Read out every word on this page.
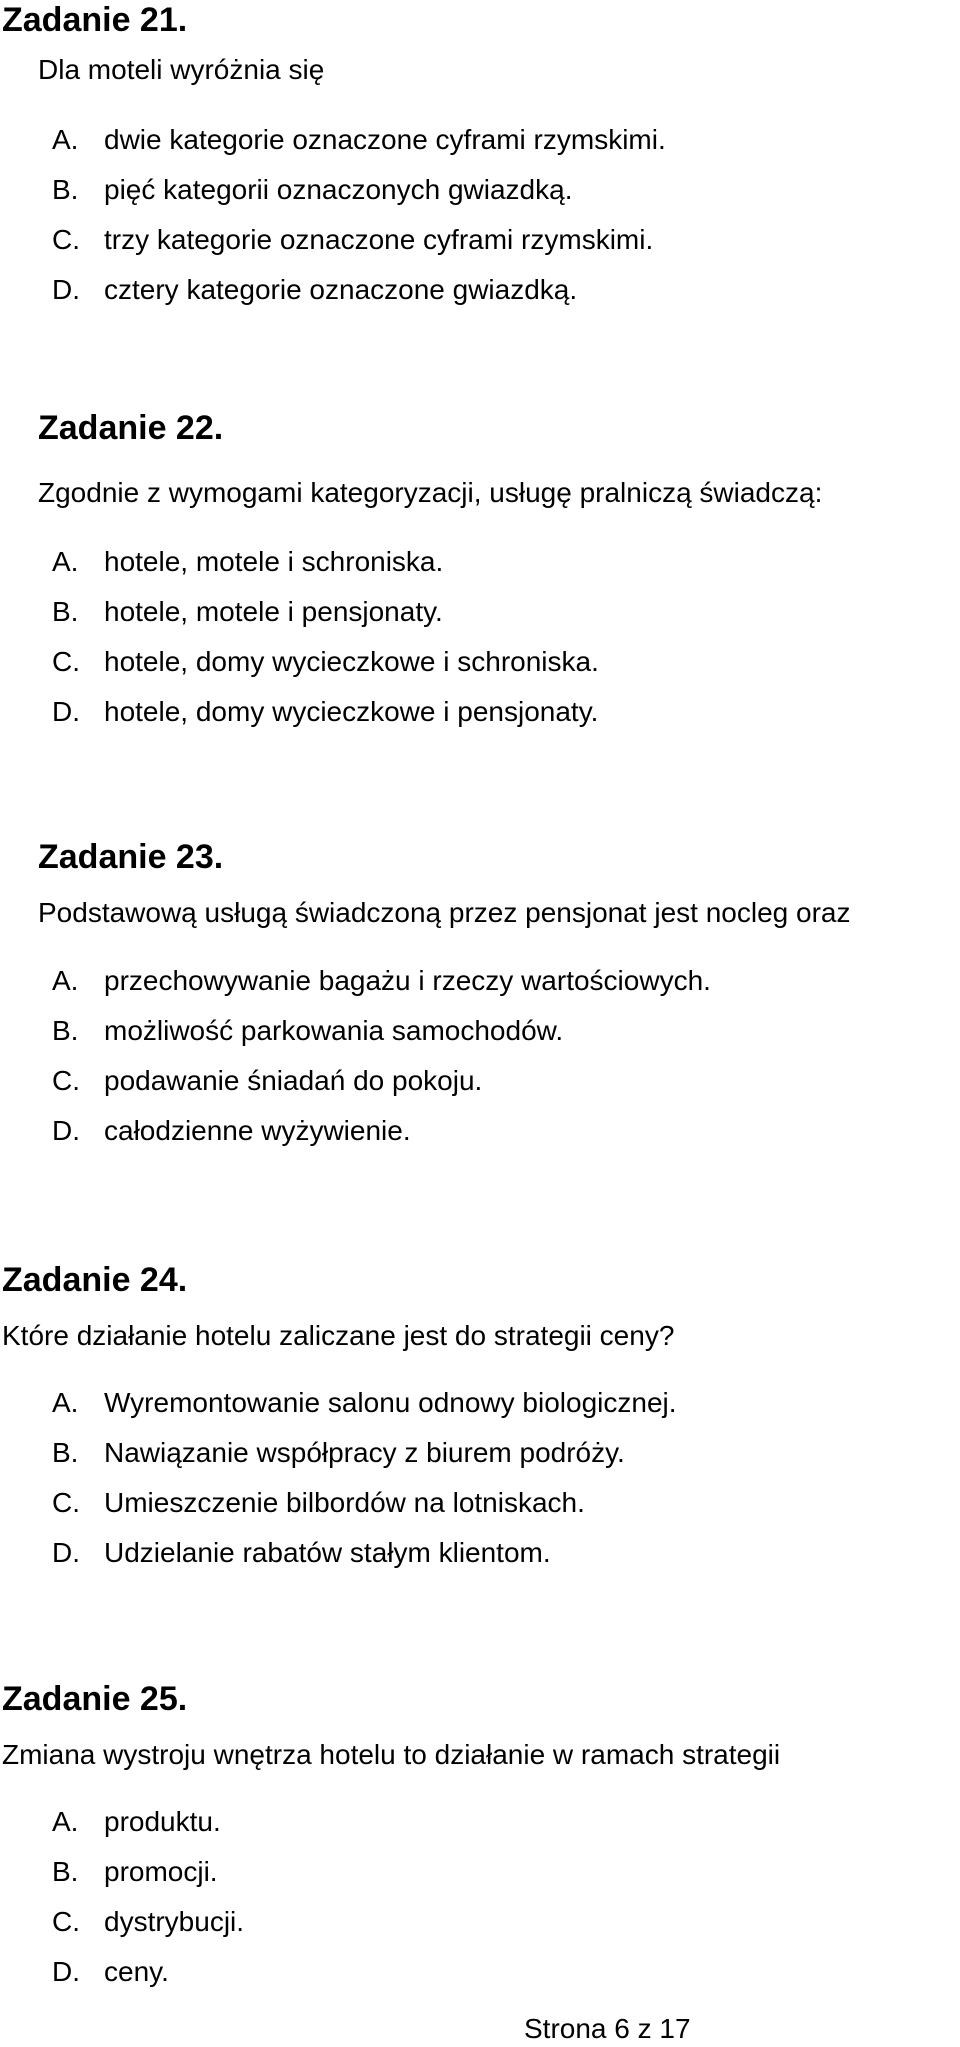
Zadanie 21.
Dla moteli wyróżnia się
A. dwie kategorie oznaczone cyframi rzymskimi.
B. pięć kategorii oznaczonych gwiazdką.
C. trzy kategorie oznaczone cyframi rzymskimi.
D. cztery kategorie oznaczone gwiazdką.
Zadanie 22.
Zgodnie z wymogami kategoryzacji, usługę pralniczą świadczą:
A. hotele, motele i schroniska.
B. hotele, motele i pensjonaty.
C. hotele, domy wycieczkowe i schroniska.
D. hotele, domy wycieczkowe i pensjonaty.
Zadanie 23.
Podstawową usługą świadczoną przez pensjonat jest nocleg oraz
A. przechowywanie bagażu i rzeczy wartościowych.
B. możliwość parkowania samochodów.
C. podawanie śniadań do pokoju.
D. całodzienne wyżywienie.
Zadanie 24.
Które działanie hotelu zaliczane jest do strategii ceny?
A. Wyremontowanie salonu odnowy biologicznej.
B. Nawiązanie współpracy z biurem podróży.
C. Umieszczenie bilbordów na lotniskach.
D. Udzielanie rabatów stałym klientom.
Zadanie 25.
Zmiana wystroju wnętrza hotelu to działanie w ramach strategii
A. produktu.
B. promocji.
C. dystrybucji.
D. ceny.
Strona 6 z 17
